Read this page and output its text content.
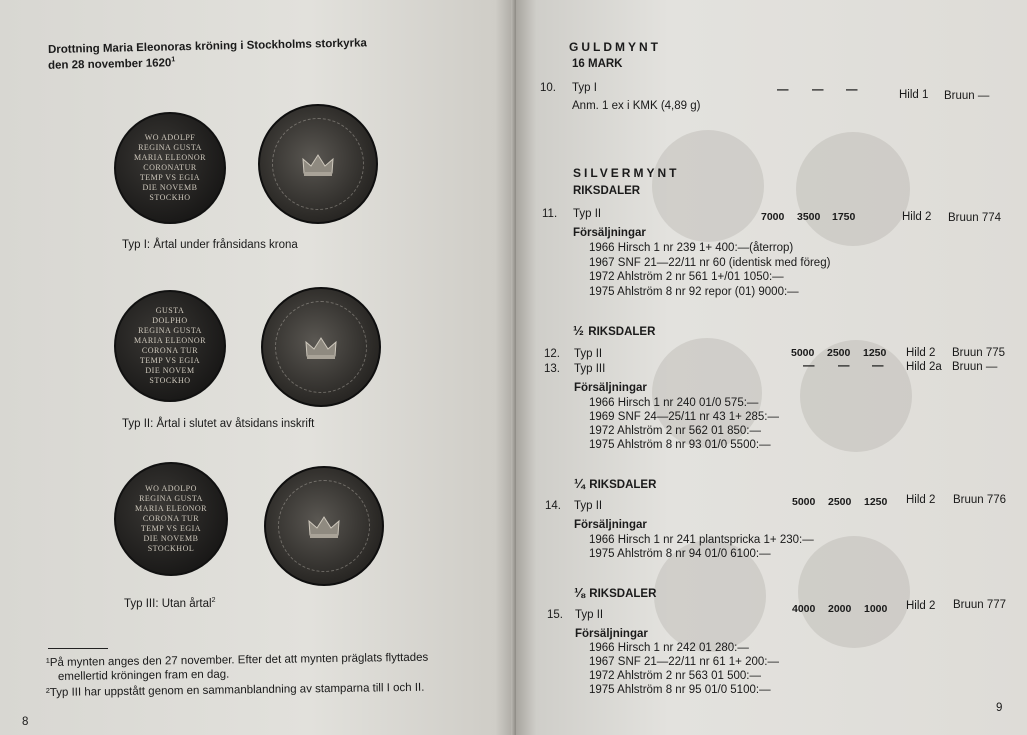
Drottning Maria Eleonoras kröning i Stockholms storkyrka
den 28 november 1620$^1$
WO ADOLPF
REGINA GUSTA
MARIA ELEONOR
CORONATUR
TEMP VS EGIA
DIE NOVEMB
STOCKHO
Typ I: Årtal under frånsidans krona
GUSTA
DOLPHO
REGINA GUSTA
MARIA ELEONOR
CORONA TUR
TEMP VS EGIA
DIE NOVEM
STOCKHO
Typ II: Årtal i slutet av åtsidans inskrift
WO ADOLPO
REGINA GUSTA
MARIA ELEONOR
CORONA TUR
TEMP VS EGIA
DIE NOVEMB
STOCKHOL
Typ III: Utan årtal$^2$
¹På mynten anges den 27 november. Efter det att mynten präglats flyttades
emellertid kröningen fram en dag.
²Typ III har uppstått genom en sammanblandning av stamparna till I och II.
8
GULDMYNT
16 MARK
10. Typ I	— — —	Hild 1 Bruun —
Anm. 1 ex i KMK (4,89 g)
SILVERMYNT
RIKSDALER
11. Typ II	7000 3500 1750	Hild 2 Bruun 774
Försäljningar
1966 Hirsch 1 nr 239 1+ 400:—(återrop)
1967 SNF 21—22/11 nr 60 (identisk med föreg)
1972 Ahlström 2 nr 561 1+/01 1050:—
1975 Ahlström 8 nr 92 repor (01) 9000:—
½ RIKSDALER
12. Typ II	5000 2500 1250 Hild 2 Bruun 775
13. Typ III	— — — Hild 2a Bruun —
Försäljningar
1966 Hirsch 1 nr 240 01/0 575:—
1969 SNF 24—25/11 nr 43 1+ 285:—
1972 Ahlström 2 nr 562 01 850:—
1975 Ahlström 8 nr 93 01/0 5500:—
¼ RIKSDALER
14. Typ II	5000 2500 1250 Hild 2 Bruun 776
Försäljningar
1966 Hirsch 1 nr 241 plantspricka 1+ 230:—
1975 Ahlström 8 nr 94 01/0 6100:—
⅛ RIKSDALER
15. Typ II	4000 2000 1000 Hild 2 Bruun 777
Försäljningar
1966 Hirsch 1 nr 242 01 280:—
1967 SNF 21—22/11 nr 61 1+ 200:—
1972 Ahlström 2 nr 563 01 500:—
1975 Ahlström 8 nr 95 01/0 5100:—
9
